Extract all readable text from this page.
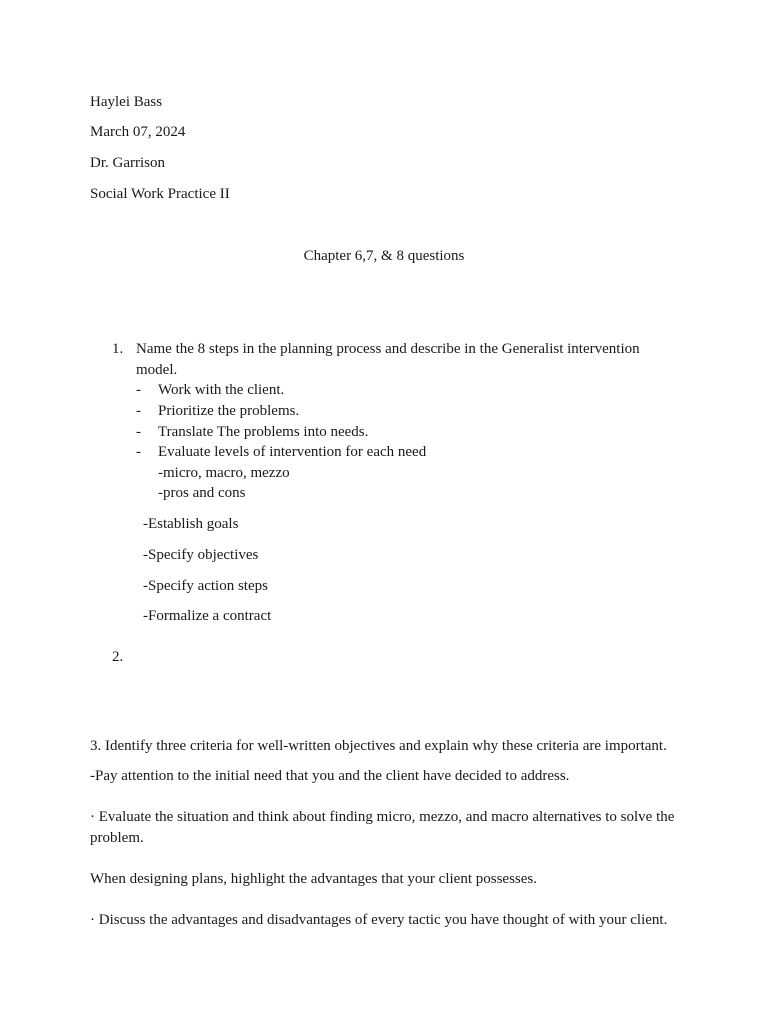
Haylei Bass
March 07, 2024
Dr. Garrison
Social Work Practice II
Chapter 6,7, & 8 questions
1. Name the 8 steps in the planning process and describe in the Generalist intervention model.
- Work with the client.
- Prioritize the problems.
- Translate The problems into needs.
- Evaluate levels of intervention for each need
-micro, macro, mezzo
-pros and cons
-Establish goals
-Specify objectives
-Specify action steps
-Formalize a contract
2.
3. Identify three criteria for well-written objectives and explain why these criteria are important.
-Pay attention to the initial need that you and the client have decided to address.
· Evaluate the situation and think about finding micro, mezzo, and macro alternatives to solve the problem.
When designing plans, highlight the advantages that your client possesses.
· Discuss the advantages and disadvantages of every tactic you have thought of with your client.
